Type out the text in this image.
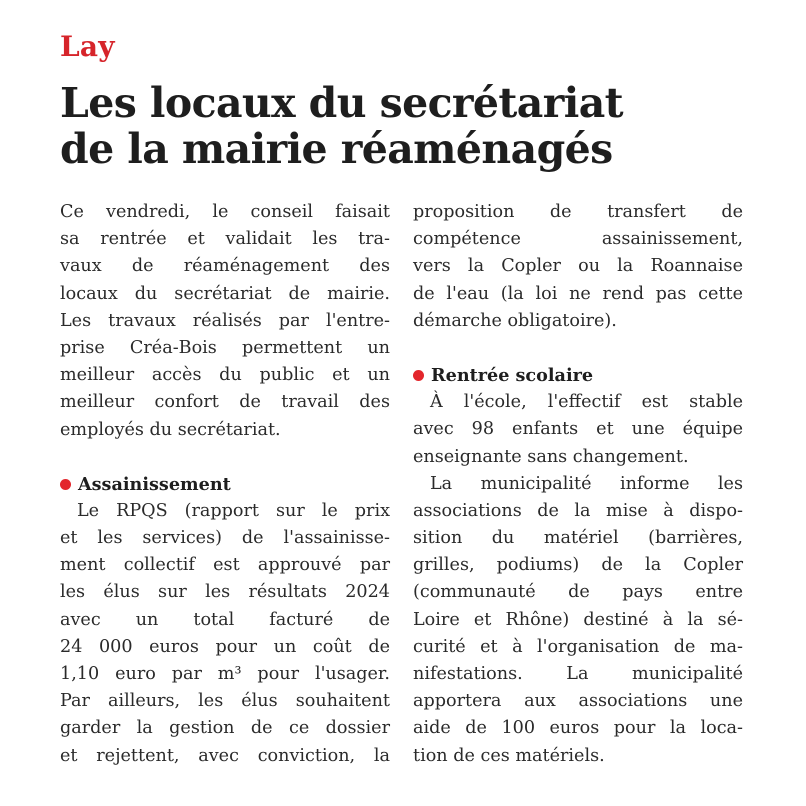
Lay
Les locaux du secrétariat
de la mairie réaménagés
Ce vendredi, le conseil faisait
sa rentrée et validait les tra-
vaux de réaménagement des
locaux du secrétariat de mairie.
Les travaux réalisés par l'entre-
prise Créa-Bois permettent un
meilleur accès du public et un
meilleur confort de travail des
employés du secrétariat.
Assainissement
Le RPQS (rapport sur le prix
et les services) de l'assainisse-
ment collectif est approuvé par
les élus sur les résultats 2024
avec un total facturé de
24 000 euros pour un coût de
1,10 euro par m³ pour l'usager.
Par ailleurs, les élus souhaitent
garder la gestion de ce dossier
et rejettent, avec conviction, la
proposition de transfert de
compétence assainissement,
vers la Copler ou la Roannaise
de l'eau (la loi ne rend pas cette
démarche obligatoire).
Rentrée scolaire
À l'école, l'effectif est stable
avec 98 enfants et une équipe
enseignante sans changement.
La municipalité informe les
associations de la mise à dispo-
sition du matériel (barrières,
grilles, podiums) de la Copler
(communauté de pays entre
Loire et Rhône) destiné à la sé-
curité et à l'organisation de ma-
nifestations. La municipalité
apportera aux associations une
aide de 100 euros pour la loca-
tion de ces matériels.
